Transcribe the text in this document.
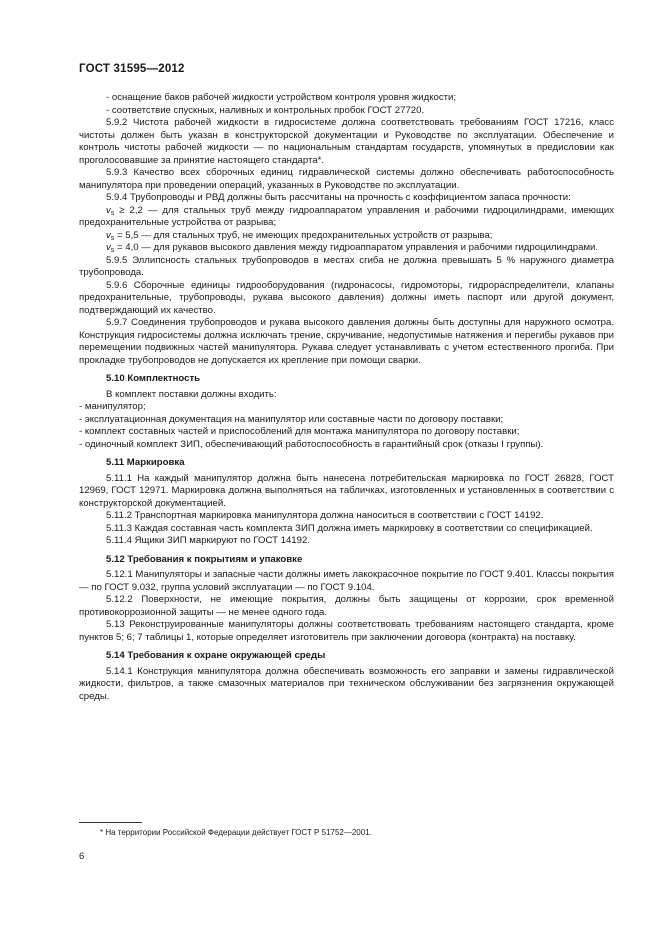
ГОСТ 31595—2012

- оснащение баков рабочей жидкости устройством контроля уровня жидкости;

- соответствие спускных, наливных и контрольных пробок ГОСТ 27720.

5.9.2 Чистота рабочей жидкости в гидросистеме должна соответствовать требованиям ГОСТ 17216, класс чистоты должен быть указан в конструкторской документации и Руководстве по эксплуатации. Обеспечение и контроль чистоты рабочей жидкости — по национальным стандартам государств, упомянутых в предисловии как проголосовавшие за принятие настоящего стандарта*.

5.9.3 Качество всех сборочных единиц гидравлической системы должно обеспечивать работоспособность манипулятора при проведении операций, указанных в Руководстве по эксплуатации.

5.9.4 Трубопроводы и РВД должны быть рассчитаны на прочность с коэффициентом запаса прочности:

$v_s \ge 2,2$ — для стальных труб между гидроаппаратом управления и рабочими гидроцилиндрами, имеющих предохранительные устройства от разрыва;

$v_s = 5,5$ — для стальных труб, не имеющих предохранительных устройств от разрыва;

$v_s = 4,0$ — для рукавов высокого давления между гидроаппаратом управления и рабочими гидроцилиндрами.

5.9.5 Эллипсность стальных трубопроводов в местах сгиба не должна превышать 5 % наружного диаметра трубопровода.

5.9.6 Сборочные единицы гидрооборудования (гидронасосы, гидромоторы, гидрораспределители, клапаны предохранительные, трубопроводы, рукава высокого давления) должны иметь паспорт или другой документ, подтверждающий их качество.

5.9.7 Соединения трубопроводов и рукава высокого давления должны быть доступны для наружного осмотра. Конструкция гидросистемы должна исключать трение, скручивание, недопустимые натяжения и перегибы рукавов при перемещении подвижных частей манипулятора. Рукава следует устанавливать с учетом естественного прогиба. При прокладке трубопроводов не допускается их крепление при помощи сварки.

5.10 Комплектность

В комплект поставки должны входить:

- манипулятор;

- эксплуатационная документация на манипулятор или составные части по договору поставки;

- комплект составных частей и приспособлений для монтажа манипулятора по договору поставки;

- одиночный комплект ЗИП, обеспечивающий работоспособность в гарантийный срок (отказы I группы).

5.11 Маркировка

5.11.1 На каждый манипулятор должна быть нанесена потребительская маркировка по ГОСТ 26828, ГОСТ 12969, ГОСТ 12971. Маркировка должна выполняться на табличках, изготовленных и установленных в соответствии с конструкторской документацией.

5.11.2 Транспортная маркировка манипулятора должна наноситься в соответствии с ГОСТ 14192.

5.11.3 Каждая составная часть комплекта ЗИП должна иметь маркировку в соответствии со спецификацией.

5.11.4 Ящики ЗИП маркируют по ГОСТ 14192.

5.12 Требования к покрытиям и упаковке

5.12.1 Манипуляторы и запасные части должны иметь лакокрасочное покрытие по ГОСТ 9.401. Классы покрытия — по ГОСТ 9.032, группа условий эксплуатации — по ГОСТ 9.104.

5.12.2 Поверхности, не имеющие покрытия, должны быть защищены от коррозии, срок временной противокоррозионной защиты — не менее одного года.

5.13 Реконструированные манипуляторы должны соответствовать требованиям настоящего стандарта, кроме пунктов 5; 6; 7 таблицы 1, которые определяет изготовитель при заключении договора (контракта) на поставку.

5.14 Требования к охране окружающей среды

5.14.1 Конструкция манипулятора должна обеспечивать возможность его заправки и замены гидравлической жидкости, фильтров, а также смазочных материалов при техническом обслуживании без загрязнения окружающей среды.

* На территории Российской Федерации действует ГОСТ Р 51752—2001.
6
